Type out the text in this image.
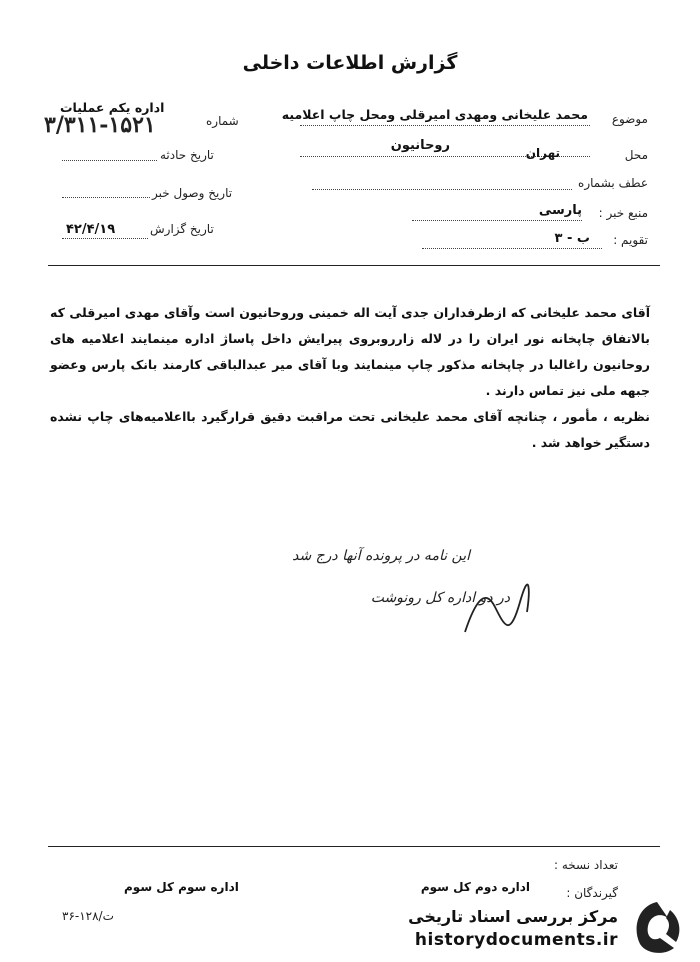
گزارش اطلاعات داخلی
موضوع
محمد علیخانی ومهدی امیرقلی ومحل چاپ اعلامیه
روحانیون
محل
تهران
عطف بشماره
منبع خبر :
پارسی
تقویم :
ب - ۳
اداره یکم عملیات
شماره
۳/۳۱۱-۱۵۲۱
تاریخ حادثه
تاریخ وصول خبر
تاریخ گزارش
۴۲/۴/۱۹

آقای محمد علیخانی که ازطرفداران جدی آیت اله خمینی وروحانیون است وآقای مهدی امیرقلی که بالاتفاق چاپخانه نور ایران را در لاله زارروبروی پیرایش داخل پاساژ اداره مینمایند اعلامیه های روحانیون راغالبا در چاپخانه مذکور چاپ مینمایند وبا آقای میر عبدالباقی کارمند بانک پارس وعضو جبهه ملی نیز تماس دارند .

نظریه ، مأمور ، چنانچه آقای محمد علیخانی تحت مراقبت دقیق قرارگیرد بااعلامیه‌های چاپ نشده دستگیر خواهد شد .

این نامه در پرونده آنها درج شد
در دو اداره کل رونوشت
تعداد نسخه :
گیرندگان :
اداره دوم کل سوم
اداره سوم کل سوم
۳۶-۱۲۸/ت	مرکز بررسی اسناد تاریخی
historydocuments.ir
